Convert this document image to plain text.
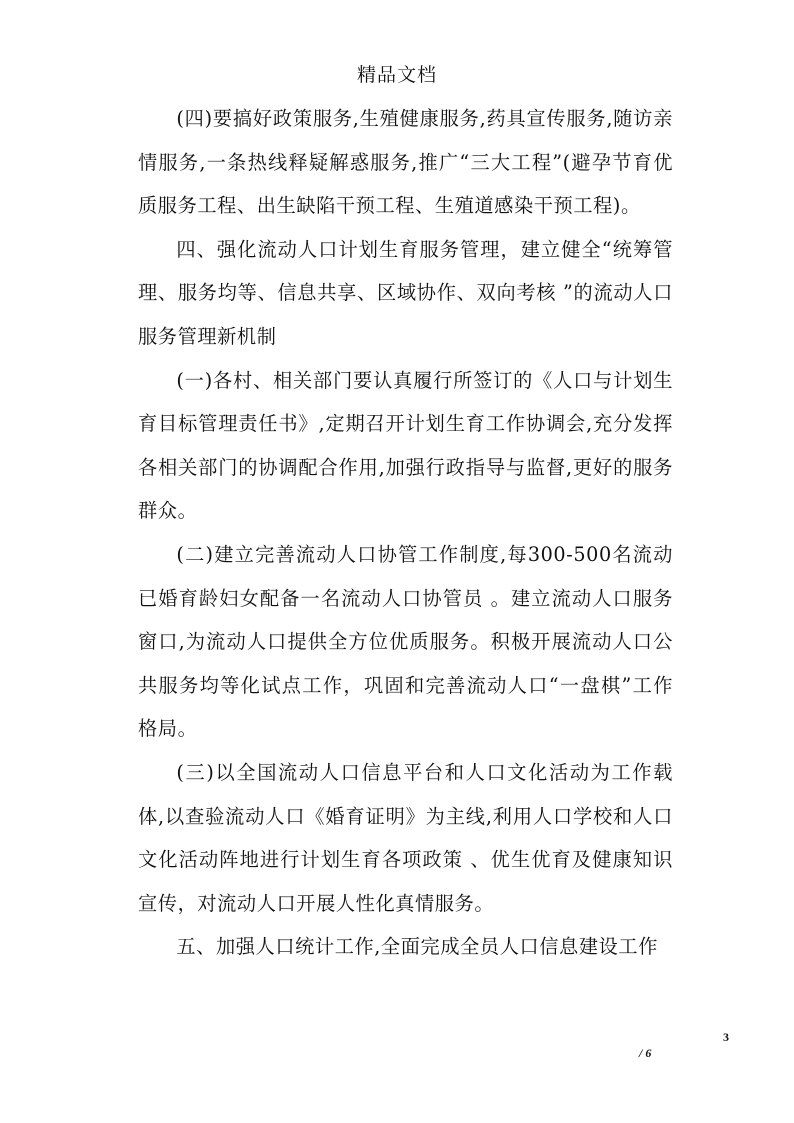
精品文档

(四)要搞好政策服务,生殖健康服务,药具宣传服务,随访亲情服务,一条热线释疑解惑服务,推广“三大工程”(避孕节育优质服务工程、出生缺陷干预工程、生殖道感染干预工程)。

四、强化流动人口计划生育服务管理，建立健全“统筹管理、服务均等、信息共享、区域协作、双向考核 ”的流动人口服务管理新机制

(一)各村、相关部门要认真履行所签订的《人口与计划生育目标管理责任书》,定期召开计划生育工作协调会,充分发挥各相关部门的协调配合作用,加强行政指导与监督,更好的服务群众。

(二)建立完善流动人口协管工作制度,每300-500名流动已婚育龄妇女配备一名流动人口协管员 。建立流动人口服务窗口,为流动人口提供全方位优质服务。积极开展流动人口公共服务均等化试点工作，巩固和完善流动人口“一盘棋”工作格局。

(三)以全国流动人口信息平台和人口文化活动为工作载体,以查验流动人口《婚育证明》为主线,利用人口学校和人口文化活动阵地进行计划生育各项政策 、优生优育及健康知识宣传，对流动人口开展人性化真情服务。

五、加强人口统计工作,全面完成全员人口信息建设工作

3
/ 6
